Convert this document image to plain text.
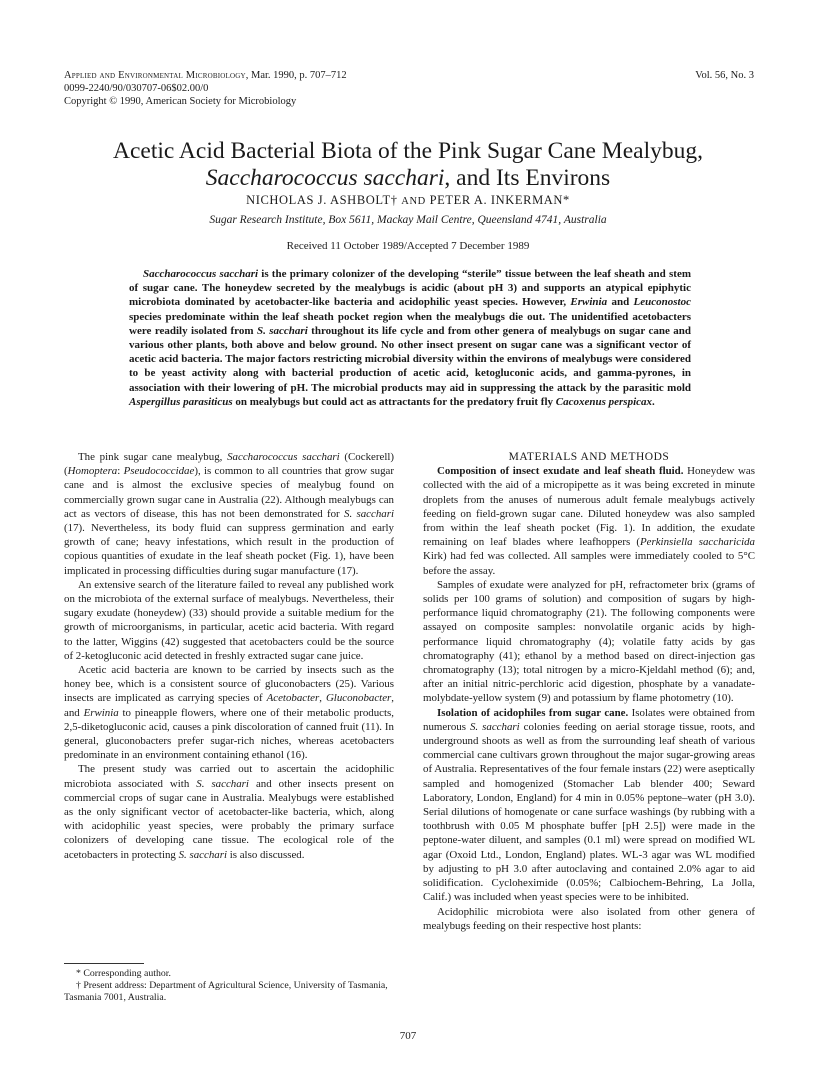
Applied and Environmental Microbiology, Mar. 1990, p. 707–712	Vol. 56, No. 3
0099-2240/90/030707-06$02.00/0
Copyright © 1990, American Society for Microbiology
Acetic Acid Bacterial Biota of the Pink Sugar Cane Mealybug,
Saccharococcus sacchari, and Its Environs
NICHOLAS J. ASHBOLT† AND PETER A. INKERMAN*
Sugar Research Institute, Box 5611, Mackay Mail Centre, Queensland 4741, Australia
Received 11 October 1989/Accepted 7 December 1989
Saccharococcus sacchari is the primary colonizer of the developing “sterile” tissue between the leaf sheath and stem of sugar cane. The honeydew secreted by the mealybugs is acidic (about pH 3) and supports an atypical epiphytic microbiota dominated by acetobacter-like bacteria and acidophilic yeast species. However, Erwinia and Leuconostoc species predominate within the leaf sheath pocket region when the mealybugs die out. The unidentified acetobacters were readily isolated from S. sacchari throughout its life cycle and from other genera of mealybugs on sugar cane and various other plants, both above and below ground. No other insect present on sugar cane was a significant vector of acetic acid bacteria. The major factors restricting microbial diversity within the environs of mealybugs were considered to be yeast activity along with bacterial production of acetic acid, ketogluconic acids, and gamma-pyrones, in association with their lowering of pH. The microbial products may aid in suppressing the attack by the parasitic mold Aspergillus parasiticus on mealybugs but could act as attractants for the predatory fruit fly Cacoxenus perspicax.

The pink sugar cane mealybug, Saccharococcus sacchari (Cockerell) (Homoptera: Pseudococcidae), is common to all countries that grow sugar cane and is almost the exclusive species of mealybug found on commercially grown sugar cane in Australia (22). Although mealybugs can act as vectors of disease, this has not been demonstrated for S. sacchari (17). Nevertheless, its body fluid can suppress germination and early growth of cane; heavy infestations, which result in the production of copious quantities of exudate in the leaf sheath pocket (Fig. 1), have been implicated in processing difficulties during sugar manufacture (17).

An extensive search of the literature failed to reveal any published work on the microbiota of the external surface of mealybugs. Nevertheless, their sugary exudate (honeydew) (33) should provide a suitable medium for the growth of microorganisms, in particular, acetic acid bacteria. With regard to the latter, Wiggins (42) suggested that acetobacters could be the source of 2-ketogluconic acid detected in freshly extracted sugar cane juice.

Acetic acid bacteria are known to be carried by insects such as the honey bee, which is a consistent source of gluconobacters (25). Various insects are implicated as carrying species of Acetobacter, Gluconobacter, and Erwinia to pineapple flowers, where one of their metabolic products, 2,5-diketogluconic acid, causes a pink discoloration of canned fruit (11). In general, gluconobacters prefer sugar-rich niches, whereas acetobacters predominate in an environment containing ethanol (16).

The present study was carried out to ascertain the acidophilic microbiota associated with S. sacchari and other insects present on commercial crops of sugar cane in Australia. Mealybugs were established as the only significant vector of acetobacter-like bacteria, which, along with acidophilic yeast species, were probably the primary surface colonizers of developing cane tissue. The ecological role of the acetobacters in protecting S. sacchari is also discussed.

MATERIALS AND METHODS

Composition of insect exudate and leaf sheath fluid. Honeydew was collected with the aid of a micropipette as it was being excreted in minute droplets from the anuses of numerous adult female mealybugs actively feeding on field-grown sugar cane. Diluted honeydew was also sampled from within the leaf sheath pocket (Fig. 1). In addition, the exudate remaining on leaf blades where leafhoppers (Perkinsiella saccharicida Kirk) had fed was collected. All samples were immediately cooled to 5°C before the assay.

Samples of exudate were analyzed for pH, refractometer brix (grams of solids per 100 grams of solution) and composition of sugars by high-performance liquid chromatography (21). The following components were assayed on composite samples: nonvolatile organic acids by high-performance liquid chromatography (4); volatile fatty acids by gas chromatography (41); ethanol by a method based on direct-injection gas chromatography (13); total nitrogen by a micro-Kjeldahl method (6); and, after an initial nitric-perchloric acid digestion, phosphate by a vanadate-molybdate-yellow system (9) and potassium by flame photometry (10).

Isolation of acidophiles from sugar cane. Isolates were obtained from numerous S. sacchari colonies feeding on aerial storage tissue, roots, and underground shoots as well as from the surrounding leaf sheath of various commercial cane cultivars grown throughout the major sugar-growing areas of Australia. Representatives of the four female instars (22) were aseptically sampled and homogenized (Stomacher Lab blender 400; Seward Laboratory, London, England) for 4 min in 0.05% peptone–water (pH 3.0). Serial dilutions of homogenate or cane surface washings (by rubbing with a toothbrush with 0.05 M phosphate buffer [pH 2.5]) were made in the peptone-water diluent, and samples (0.1 ml) were spread on modified WL agar (Oxoid Ltd., London, England) plates. WL-3 agar was WL modified by adjusting to pH 3.0 after autoclaving and contained 2.0% agar to aid solidification. Cycloheximide (0.05%; Calbiochem-Behring, La Jolla, Calif.) was included when yeast species were to be inhibited.

Acidophilic microbiota were also isolated from other genera of mealybugs feeding on their respective host plants:

* Corresponding author.

† Present address: Department of Agricultural Science, University of Tasmania, Tasmania 7001, Australia.

707
